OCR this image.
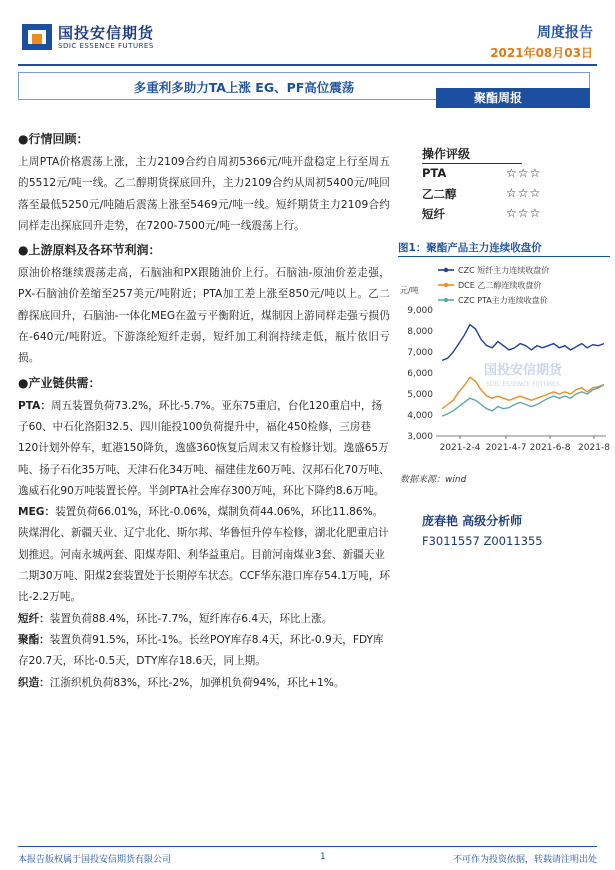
国投安信期货
SDIC ESSENCE FUTURES
周度报告
2021年08月03日
多重利多助力TA上涨 EG、PF高位震荡
聚酯周报
●行情回顾：
上周PTA价格震荡上涨，主力2109合约自周初5366元/吨开盘稳定上行至周五的5512元/吨一线。乙二醇期货探底回升，主力2109合约从周初5400元/吨回落至最低5250元/吨随后震荡上涨至5469元/吨一线。短纤期货主力2109合约同样走出探底回升走势，在7200-7500元/吨一线震荡上行。
●上游原料及各环节利润：
原油价格继续震荡走高，石脑油和PX跟随油价上行。石脑油-原油价差走强，PX-石脑油价差缩至257美元/吨附近；PTA加工差上涨至850元/吨以上。乙二醇探底回升，石脑油-一体化MEG在盈亏平衡附近，煤制因上游同样走强亏损仍在-640元/吨附近。下游涤纶短纤走弱，短纤加工利润持续走低，瓶片依旧亏损。
●产业链供需：
PTA：周五装置负荷73.2%，环比-5.7%。亚东75重启，台化120重启中，扬子60、中石化洛阳32.5、四川能投100负荷提升中，福化450检修，三房巷120计划外停车，虹港150降负，逸盛360恢复后周末又有检修计划。逸盛65万吨、扬子石化35万吨、天津石化34万吨、福建佳龙60万吨、汉邦石化70万吨、逸威石化90万吨装置长停。半剑PTA社会库存300万吨，环比下降约8.6万吨。
MEG：装置负荷66.01%，环比-0.06%，煤制负荷44.06%，环比11.86%。陕煤渭化、新疆天业、辽宁北化、斯尔邦、华鲁恒升停车检修，湖北化肥重启计划推迟。河南永城两套、阳煤寿阳、利华益重启。目前河南煤业3套、新疆天业二期30万吨、阳煤2套装置处于长期停车状态。CCF华东港口库存54.1万吨，环比-2.2万吨。
短纤：装置负荷88.4%，环比-7.7%，短纤库存6.4天，环比上涨。
聚酯：装置负荷91.5%，环比-1%。长丝POY库存8.4天，环比-0.9天，FDY库存20.7天，环比-0.5天，DTY库存18.6天，同上期。
织造：江浙织机负荷83%，环比-2%，加弹机负荷94%，环比+1%。
操作评级
PTA	☆☆☆
乙二醇	☆☆☆
短纤	☆☆☆
图1：聚酯产品主力连续收盘价
国投安信期货
SDIC ESSENCE FUTURES
3,000
4,000
5,000
6,000
7,000
8,000
9,000
2021-2-4 2021-4-7 2021-6-8 2021-8
元/吨
CZC 短纤主力连续收盘价
DCE 乙二醇连续收盘价
CZC PTA主力连续收盘价
数据来源：wind
庞春艳 高级分析师
F3011557 Z0011355
本报告版权属于国投安信期货有限公司	1	不可作为投资依据，转载请注明出处
